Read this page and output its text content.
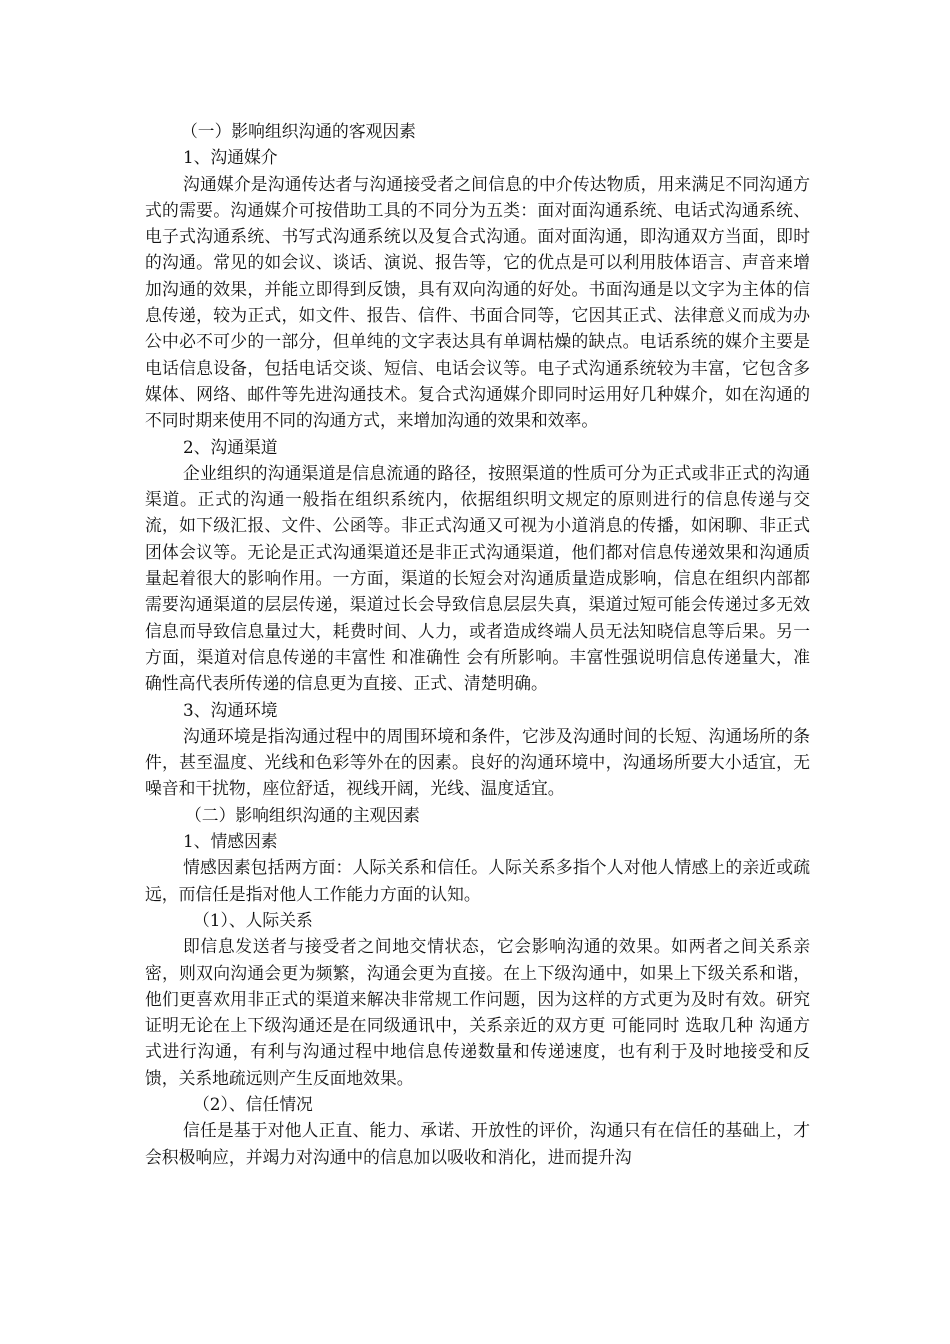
（一）影响组织沟通的客观因素
1、沟通媒介

沟通媒介是沟通传达者与沟通接受者之间信息的中介传达物质，用来满足不同沟通方式的需要。沟通媒介可按借助工具的不同分为五类：面对面沟通系统、电话式沟通系统、电子式沟通系统、书写式沟通系统以及复合式沟通。面对面沟通，即沟通双方当面，即时的沟通。常见的如会议、谈话、演说、报告等，它的优点是可以利用肢体语言、声音来增加沟通的效果，并能立即得到反馈，具有双向沟通的好处。书面沟通是以文字为主体的信息传递，较为正式，如文件、报告、信件、书面合同等，它因其正式、法律意义而成为办公中必不可少的一部分，但单纯的文字表达具有单调枯燥的缺点。电话系统的媒介主要是电话信息设备，包括电话交谈、短信、电话会议等。电子式沟通系统较为丰富，它包含多媒体、网络、邮件等先进沟通技术。复合式沟通媒介即同时运用好几种媒介，如在沟通的不同时期来使用不同的沟通方式，来增加沟通的效果和效率。

2、沟通渠道

企业组织的沟通渠道是信息流通的路径，按照渠道的性质可分为正式或非正式的沟通渠道。正式的沟通一般指在组织系统内，依据组织明文规定的原则进行的信息传递与交流，如下级汇报、文件、公函等。非正式沟通又可视为小道消息的传播，如闲聊、非正式团体会议等。无论是正式沟通渠道还是非正式沟通渠道，他们都对信息传递效果和沟通质量起着很大的影响作用。一方面，渠道的长短会对沟通质量造成影响，信息在组织内部都需要沟通渠道的层层传递，渠道过长会导致信息层层失真，渠道过短可能会传递过多无效信息而导致信息量过大，耗费时间、人力，或者造成终端人员无法知晓信息等后果。另一方面，渠道对信息传递的丰富性 和准确性 会有所影响。丰富性强说明信息传递量大，准确性高代表所传递的信息更为直接、正式、清楚明确。

3、沟通环境

沟通环境是指沟通过程中的周围环境和条件，它涉及沟通时间的长短、沟通场所的条件，甚至温度、光线和色彩等外在的因素。良好的沟通环境中，沟通场所要大小适宜，无噪音和干扰物，座位舒适，视线开阔，光线、温度适宜。

（二）影响组织沟通的主观因素
1、情感因素

情感因素包括两方面：人际关系和信任。人际关系多指个人对他人情感上的亲近或疏远，而信任是指对他人工作能力方面的认知。

（1）、人际关系

即信息发送者与接受者之间地交情状态，它会影响沟通的效果。如两者之间关系亲密，则双向沟通会更为频繁，沟通会更为直接。在上下级沟通中，如果上下级关系和谐，他们更喜欢用非正式的渠道来解决非常规工作问题，因为这样的方式更为及时有效。研究证明无论在上下级沟通还是在同级通讯中，关系亲近的双方更 可能同时 选取几种 沟通方式进行沟通，有利与沟通过程中地信息传递数量和传递速度，也有利于及时地接受和反馈，关系地疏远则产生反面地效果。

（2）、信任情况

信任是基于对他人正直、能力、承诺、开放性的评价，沟通只有在信任的基础上，才会积极响应，并竭力对沟通中的信息加以吸收和消化，进而提升沟
